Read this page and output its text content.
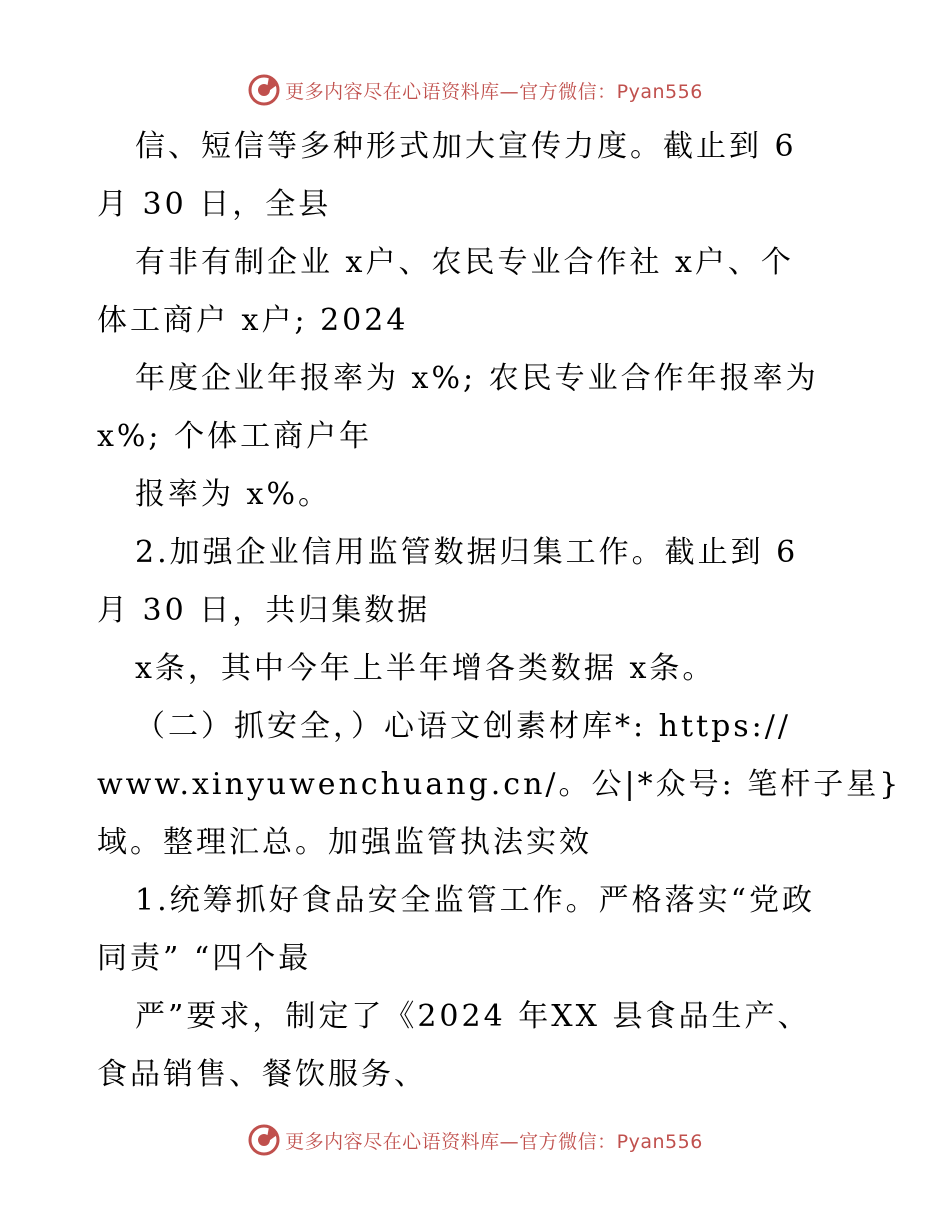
更多内容尽在心语资料库—官方微信：Pyan556
信、短信等多种形式加大宣传力度。截止到 6
月 30 日，全县
有非有制企业 x户、农民专业合作社 x户、个
体工商户 x户; 2024
年度企业年报率为 x%; 农民专业合作年报率为
x%; 个体工商户年
报率为 x%。
2.加强企业信用监管数据归集工作。截止到 6
月 30 日，共归集数据
x条，其中今年上半年增各类数据 x条。
（二）抓安全，）心语文创素材库*: https://
www.xinyuwenchuang.cn/。公|*众号: 笔杆子星}
域。整理汇总。加强监管执法实效
1.统筹抓好食品安全监管工作。严格落实“党政
同责” “四个最
严”要求，制定了《2024 年XX 县食品生产、
食品销售、餐饮服务、
更多内容尽在心语资料库—官方微信：Pyan556
